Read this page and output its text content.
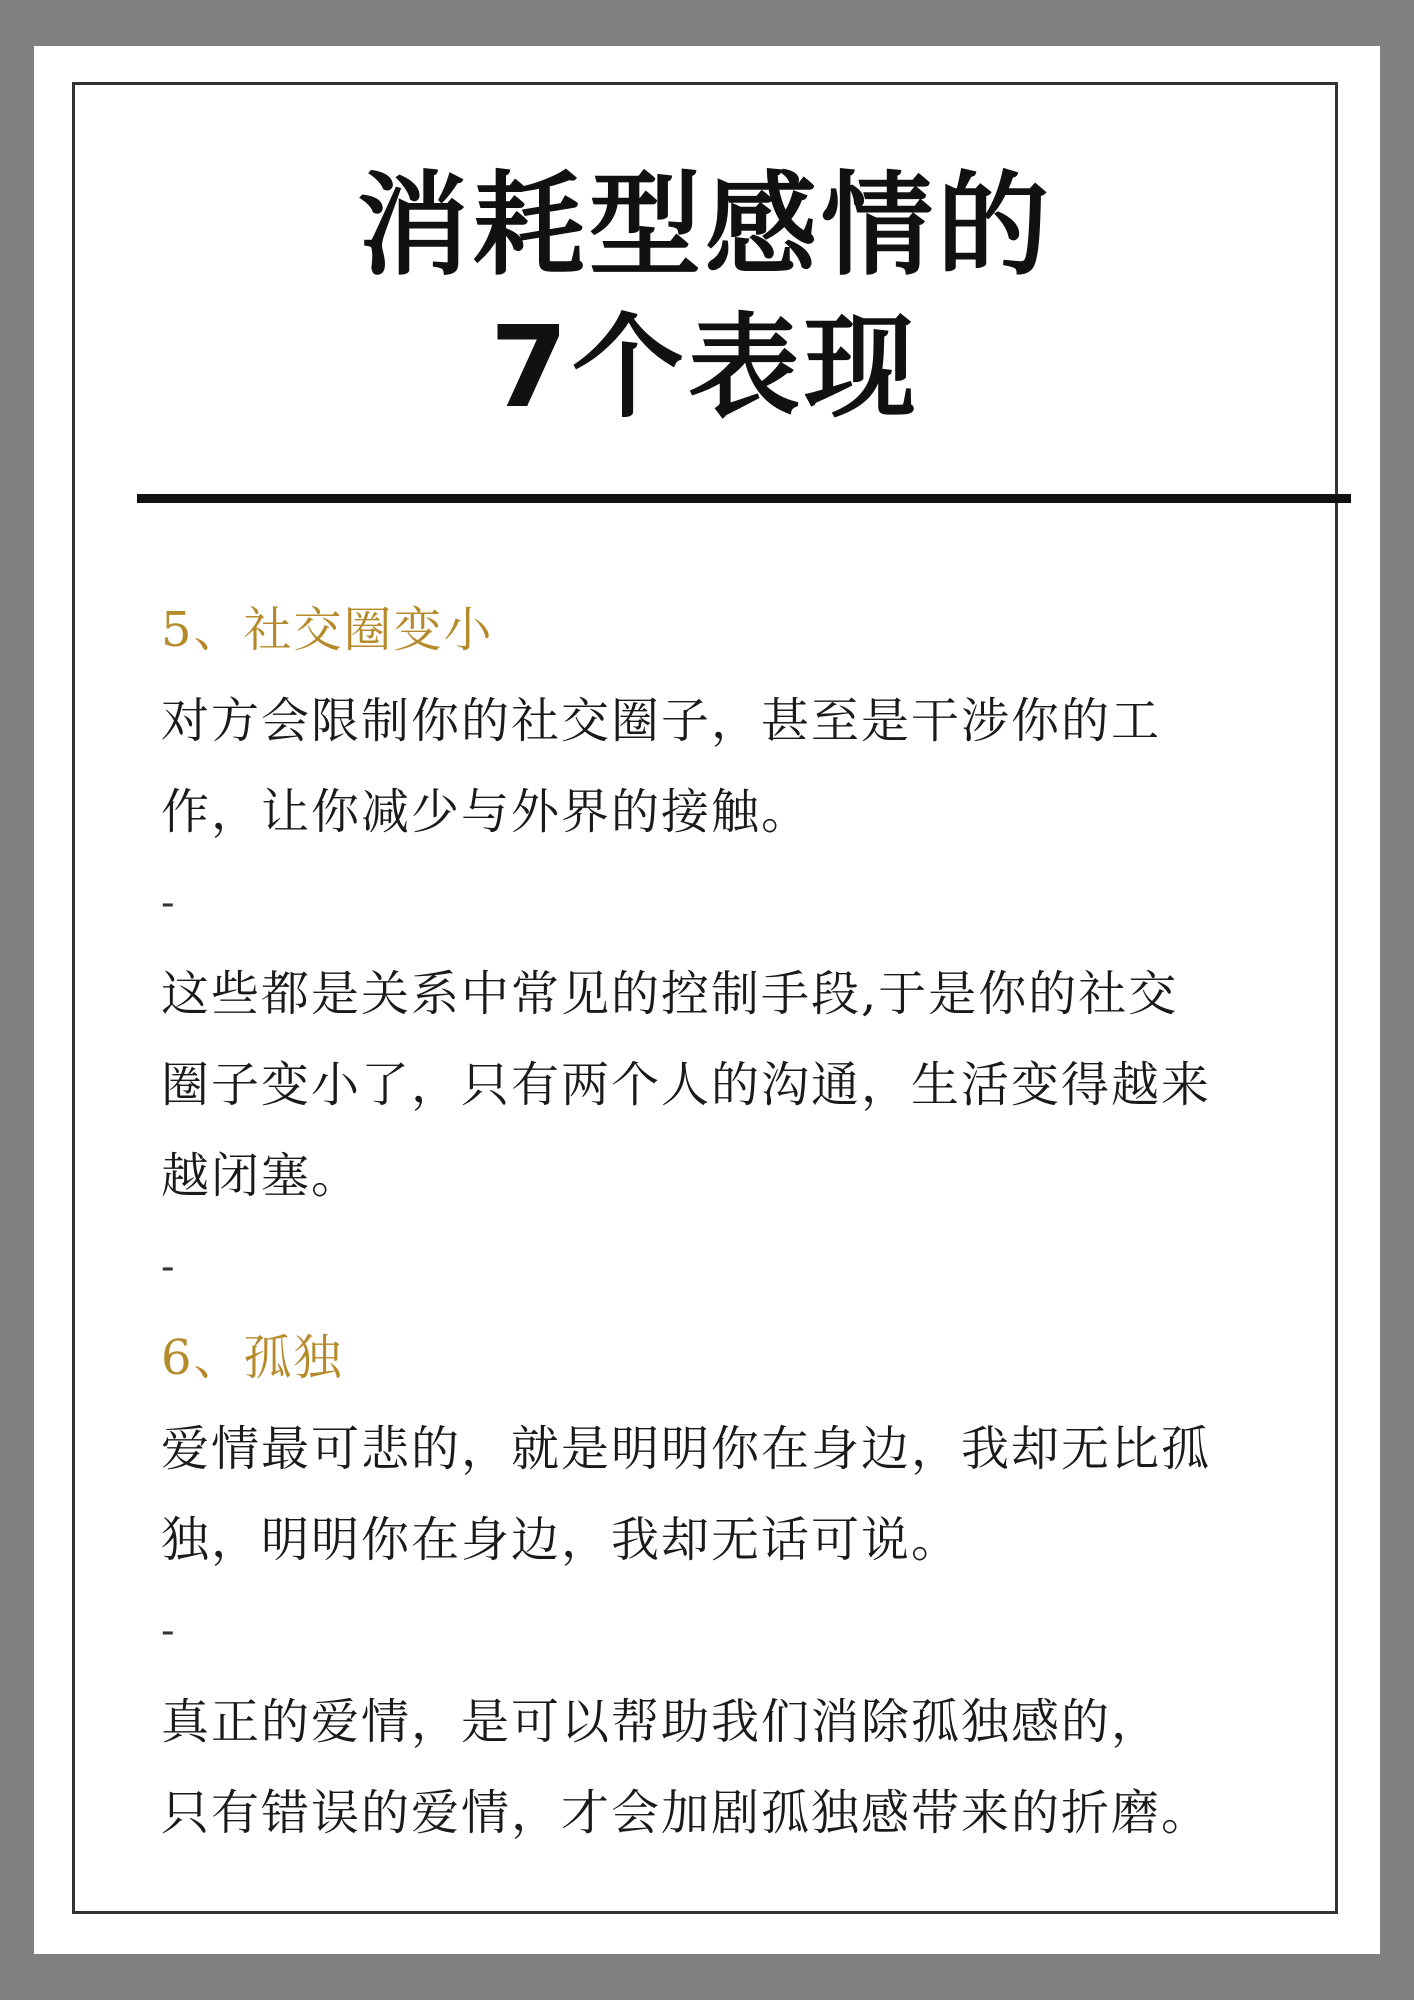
消耗型感情的
7个表现
5、社交圈变小
对方会限制你的社交圈子，甚至是干涉你的工
作，让你减少与外界的接触。
-
这些都是关系中常见的控制手段,于是你的社交
圈子变小了，只有两个人的沟通，生活变得越来
越闭塞。
-
6、孤独
爱情最可悲的，就是明明你在身边，我却无比孤
独，明明你在身边，我却无话可说。
-
真正的爱情，是可以帮助我们消除孤独感的，
只有错误的爱情，才会加剧孤独感带来的折磨。
